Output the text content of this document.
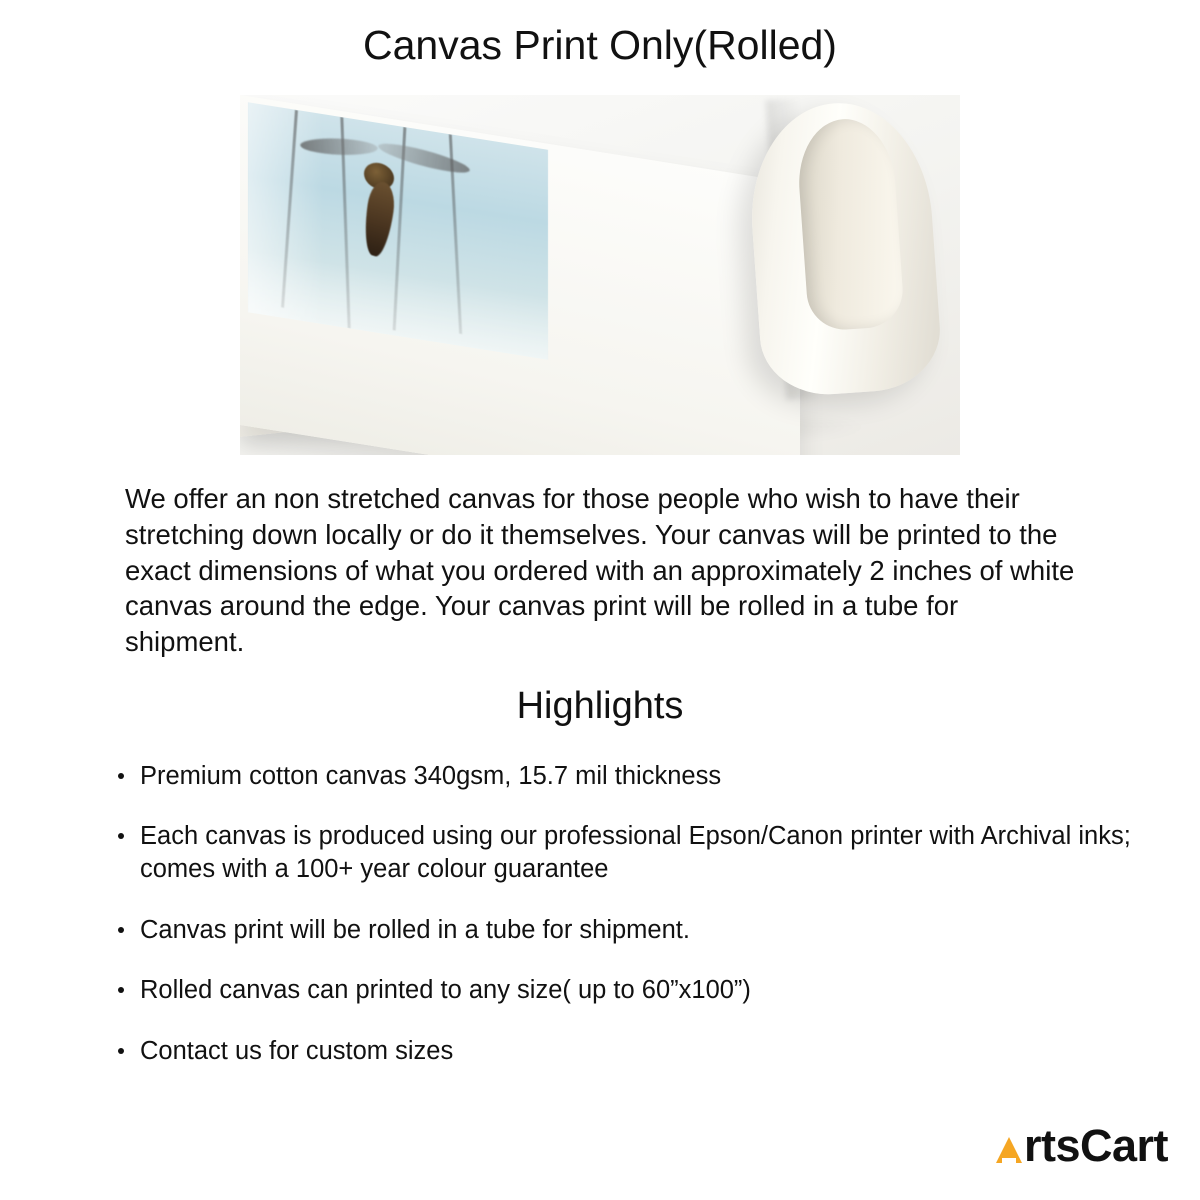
Canvas Print Only(Rolled)

We offer an non stretched canvas for those people who wish to have their stretching down locally or do it themselves. Your canvas will be printed to the exact dimensions of what you ordered with an approximately 2 inches of white canvas around the edge. Your canvas print will be rolled in a tube for shipment.

Highlights
Premium cotton canvas 340gsm, 15.7 mil thickness
Each canvas is produced using our professional Epson/Canon printer with Archival inks; comes with a 100+ year colour guarantee
Canvas print will be rolled in a tube for shipment.
Rolled canvas can printed to any size( up to 60”x100”)
Contact us for custom sizes
rtsCart
